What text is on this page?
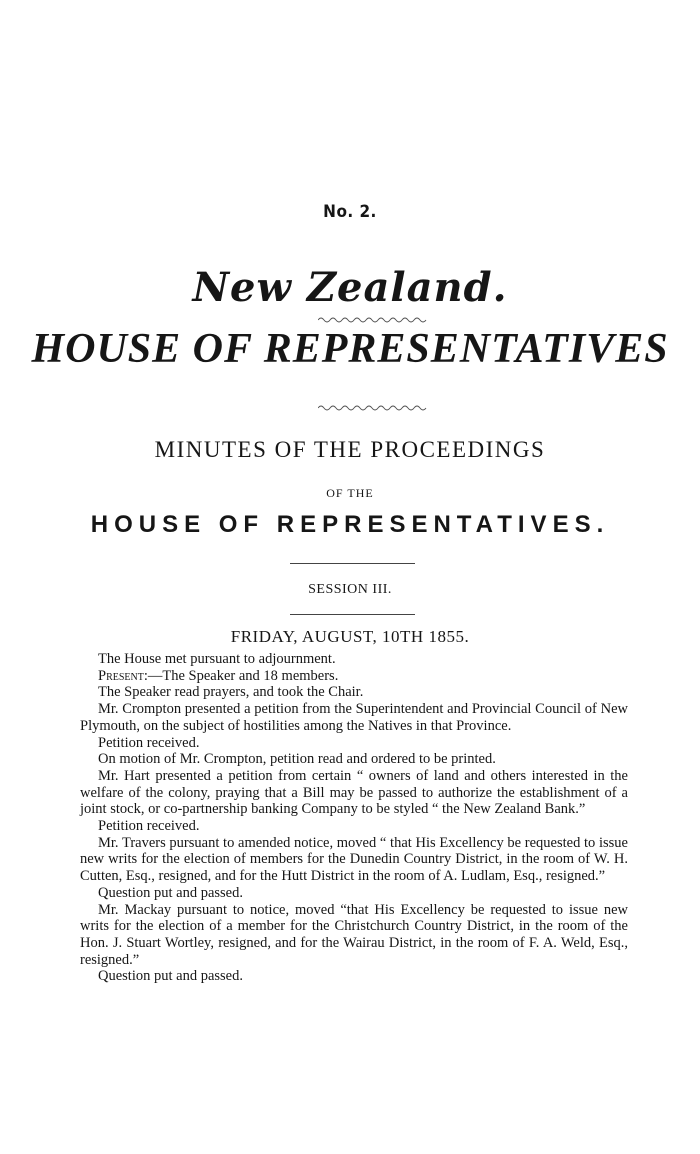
No. 2.
New Zealand.
HOUSE OF REPRESENTATIVES
MINUTES OF THE PROCEEDINGS
OF THE
HOUSE OF REPRESENTATIVES.
SESSION III.
FRIDAY, AUGUST, 10TH 1855.

The House met pursuant to adjournment.

Present:—The Speaker and 18 members.

The Speaker read prayers, and took the Chair.

Mr. Crompton presented a petition from the Superintendent and Provincial Council of New Plymouth, on the subject of hostilities among the Natives in that Province.

Petition received.

On motion of Mr. Crompton, petition read and ordered to be printed.

Mr. Hart presented a petition from certain “ owners of land and others interested in the welfare of the colony, praying that a Bill may be passed to authorize the establishment of a joint stock, or co-partnership banking Company to be styled “ the New Zealand Bank.”

Petition received.

Mr. Travers pursuant to amended notice, moved “ that His Excellency be requested to issue new writs for the election of members for the Dunedin Country District, in the room of W. H. Cutten, Esq., resigned, and for the Hutt District in the room of A. Ludlam, Esq., resigned.”

Question put and passed.

Mr. Mackay pursuant to notice, moved “that His Excellency be requested to issue new writs for the election of a member for the Christchurch Country District, in the room of the Hon. J. Stuart Wortley, resigned, and for the Wairau District, in the room of F. A. Weld, Esq., resigned.”

Question put and passed.
